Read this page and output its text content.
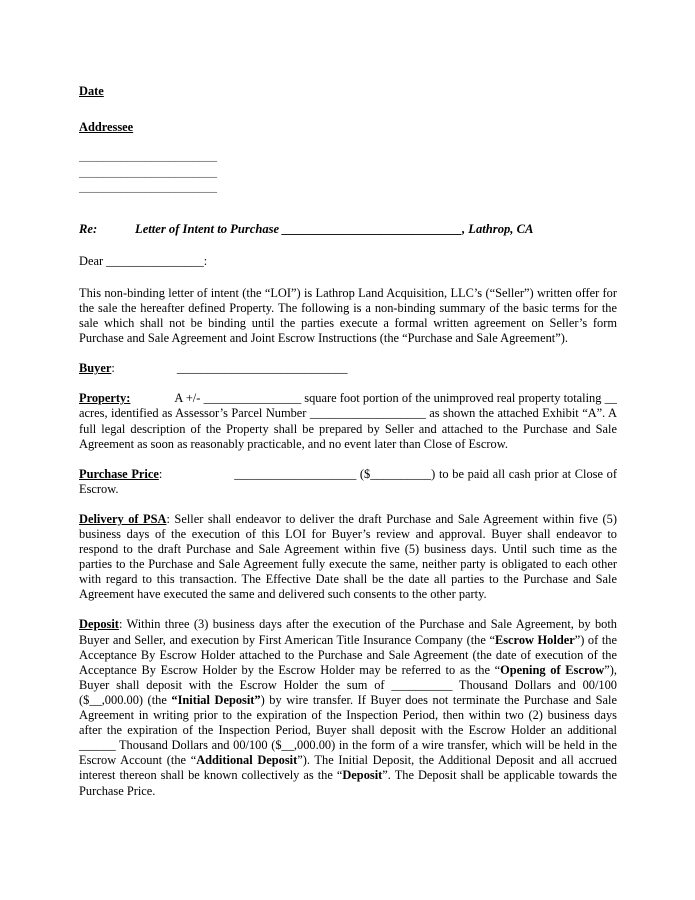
Date
Addressee
_______________________
_______________________
_______________________
Re:	Letter of Intent to Purchase _____________________________, Lathrop, CA
Dear ________________:

This non-binding letter of intent (the “LOI”) is Lathrop Land Acquisition, LLC’s (“Seller”) written offer for the sale the hereafter defined Property. The following is a non-binding summary of the basic terms for the sale which shall not be binding until the parties execute a formal written agreement on Seller’s form Purchase and Sale Agreement and Joint Escrow Instructions (the “Purchase and Sale Agreement”).

Buyer:	____________________________

Property:	A +/- ________________ square foot portion of the unimproved real property totaling __ acres, identified as Assessor’s Parcel Number ___________________ as shown the attached Exhibit “A”. A full legal description of the Property shall be prepared by Seller and attached to the Purchase and Sale Agreement as soon as reasonably practicable, and no event later than Close of Escrow.

Purchase Price:	____________________ ($__________) to be paid all cash prior at Close of Escrow.

Delivery of PSA: Seller shall endeavor to deliver the draft Purchase and Sale Agreement within five (5) business days of the execution of this LOI for Buyer’s review and approval. Buyer shall endeavor to respond to the draft Purchase and Sale Agreement within five (5) business days. Until such time as the parties to the Purchase and Sale Agreement fully execute the same, neither party is obligated to each other with regard to this transaction. The Effective Date shall be the date all parties to the Purchase and Sale Agreement have executed the same and delivered such consents to the other party.

Deposit: Within three (3) business days after the execution of the Purchase and Sale Agreement, by both Buyer and Seller, and execution by First American Title Insurance Company (the “Escrow Holder”) of the Acceptance By Escrow Holder attached to the Purchase and Sale Agreement (the date of execution of the Acceptance By Escrow Holder by the Escrow Holder may be referred to as the “Opening of Escrow”), Buyer shall deposit with the Escrow Holder the sum of __________ Thousand Dollars and 00/100 ($__,000.00) (the “Initial Deposit”) by wire transfer. If Buyer does not terminate the Purchase and Sale Agreement in writing prior to the expiration of the Inspection Period, then within two (2) business days after the expiration of the Inspection Period, Buyer shall deposit with the Escrow Holder an additional ______ Thousand Dollars and 00/100 ($__,000.00) in the form of a wire transfer, which will be held in the Escrow Account (the “Additional Deposit”). The Initial Deposit, the Additional Deposit and all accrued interest thereon shall be known collectively as the “Deposit”. The Deposit shall be applicable towards the Purchase Price.
